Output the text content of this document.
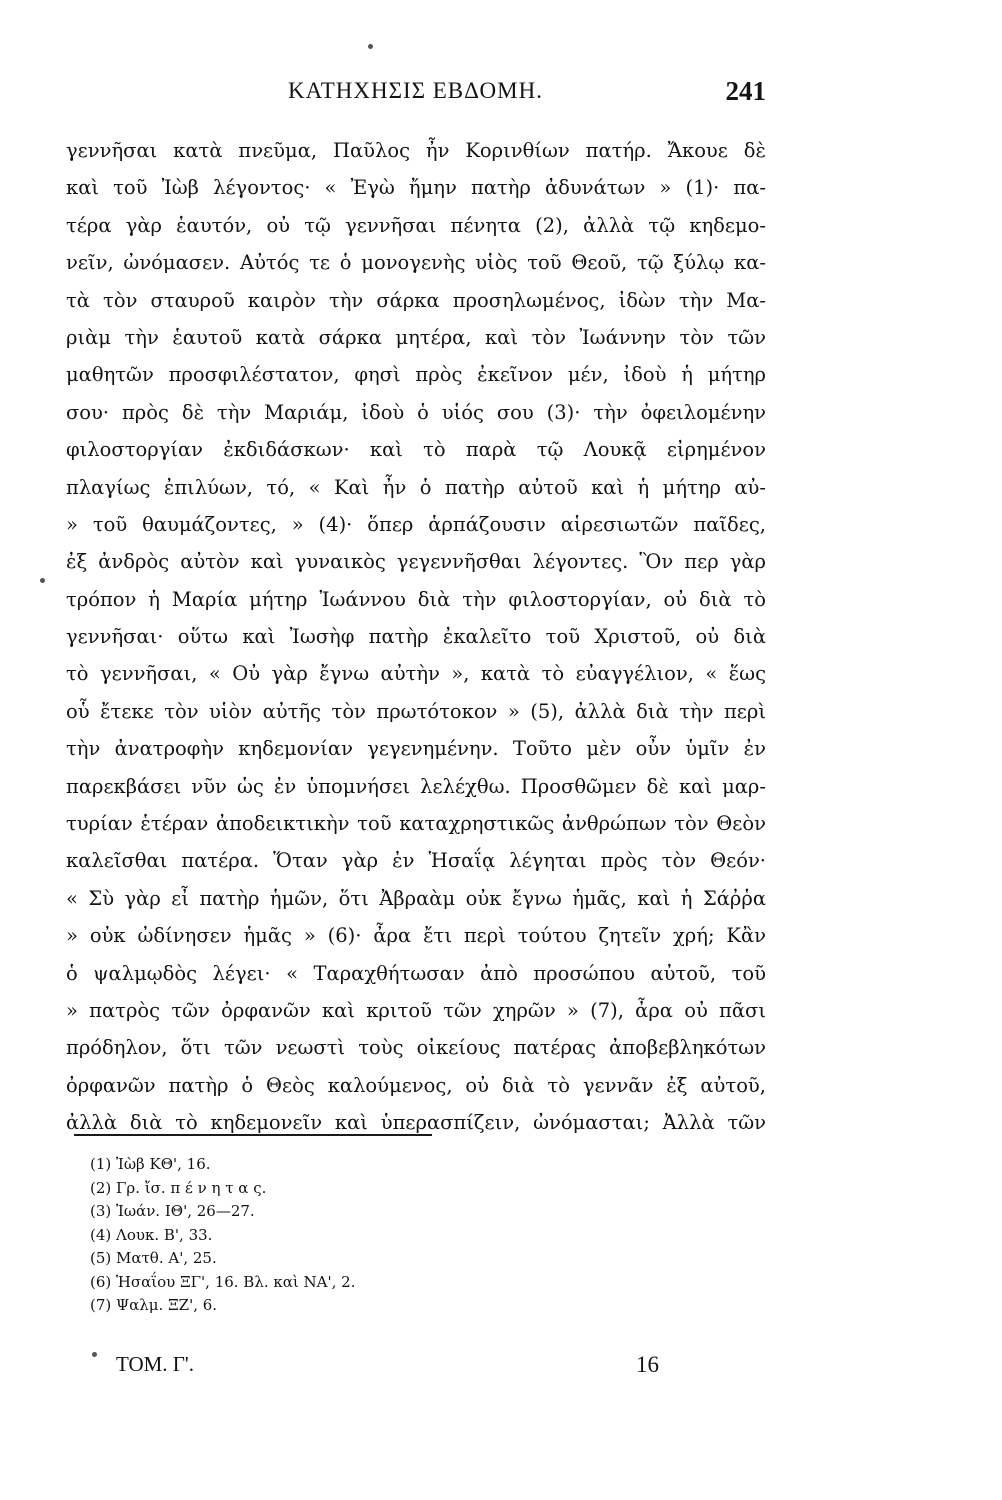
ΚΑΤΗΧΗΣΙΣ ΕΒΔΟΜΗ.	241
γεννῆσαι κατὰ πνεῦμα, Παῦλος ἦν Κορινθίων πατήρ. Ἄκουε δὲ
καὶ τοῦ Ἰὼβ λέγοντος· « Ἐγὼ ἤμην πατὴρ ἀδυνάτων » (1)· πα-
τέρα γὰρ ἑαυτόν, οὐ τῷ γεννῆσαι πένητα (2), ἀλλὰ τῷ κηδεμο-
νεῖν, ὠνόμασεν. Αὐτός τε ὁ μονογενὴς υἱὸς τοῦ Θεοῦ, τῷ ξύλῳ κα-
τὰ τὸν σταυροῦ καιρὸν τὴν σάρκα προσηλωμένος, ἰδὼν τὴν Μα-
ριὰμ τὴν ἑαυτοῦ κατὰ σάρκα μητέρα, καὶ τὸν Ἰωάννην τὸν τῶν
μαθητῶν προσφιλέστατον, φησὶ πρὸς ἐκεῖνον μέν, ἰδοὺ ἡ μήτηρ
σου· πρὸς δὲ τὴν Μαριάμ, ἰδοὺ ὁ υἱός σου (3)· τὴν ὀφειλομένην
φιλοστοργίαν ἐκδιδάσκων· καὶ τὸ παρὰ τῷ Λουκᾷ εἰρημένον
πλαγίως ἐπιλύων, τό, « Καὶ ἦν ὁ πατὴρ αὐτοῦ καὶ ἡ μήτηρ αὐ-
» τοῦ θαυμάζοντες, » (4)· ὅπερ ἁρπάζουσιν αἱρεσιωτῶν παῖδες,
ἐξ ἀνδρὸς αὐτὸν καὶ γυναικὸς γεγεννῆσθαι λέγοντες. Ὃν περ γὰρ
τρόπον ἡ Μαρία μήτηρ Ἰωάννου διὰ τὴν φιλοστοργίαν, οὐ διὰ τὸ
γεννῆσαι· οὕτω καὶ Ἰωσὴφ πατὴρ ἐκαλεῖτο τοῦ Χριστοῦ, οὐ διὰ
τὸ γεννῆσαι, « Οὐ γὰρ ἔγνω αὐτὴν », κατὰ τὸ εὐαγγέλιον, « ἕως
οὗ ἔτεκε τὸν υἱὸν αὐτῆς τὸν πρωτότοκον » (5), ἀλλὰ διὰ τὴν περὶ
τὴν ἀνατροφὴν κηδεμονίαν γεγενημένην. Τοῦτο μὲν οὖν ὑμῖν ἐν
παρεκβάσει νῦν ὡς ἐν ὑπομνήσει λελέχθω. Προσθῶμεν δὲ καὶ μαρ-
τυρίαν ἑτέραν ἀποδεικτικὴν τοῦ καταχρηστικῶς ἀνθρώπων τὸν Θεὸν
καλεῖσθαι πατέρα. Ὅταν γὰρ ἐν Ἡσαΐᾳ λέγηται πρὸς τὸν Θεόν·
« Σὺ γὰρ εἶ πατὴρ ἡμῶν, ὅτι Ἀβραὰμ οὐκ ἔγνω ἡμᾶς, καὶ ἡ Σάῤῥα
» οὐκ ὠδίνησεν ἡμᾶς » (6)· ἆρα ἔτι περὶ τούτου ζητεῖν χρή; Κἂν
ὁ ψαλμῳδὸς λέγει· « Ταραχθήτωσαν ἀπὸ προσώπου αὐτοῦ, τοῦ
» πατρὸς τῶν ὀρφανῶν καὶ κριτοῦ τῶν χηρῶν » (7), ἆρα οὐ πᾶσι
πρόδηλον, ὅτι τῶν νεωστὶ τοὺς οἰκείους πατέρας ἀποβεβληκότων
ὀρφανῶν πατὴρ ὁ Θεὸς καλούμενος, οὐ διὰ τὸ γεννᾶν ἐξ αὐτοῦ,
ἀλλὰ διὰ τὸ κηδεμονεῖν καὶ ὑπερασπίζειν, ὠνόμασται; Ἀλλὰ τῶν
(1) Ἰὼβ ΚΘ', 16.
(2) Γρ. ἴσ. π έ ν η τ α ς.
(3) Ἰωάν. ΙΘ', 26—27.
(4) Λουκ. Β', 33.
(5) Ματθ. Α', 25.
(6) Ἡσαΐου ΞΓ', 16. Βλ. καὶ ΝΑ', 2.
(7) Ψαλμ. ΞΖ', 6.
ΤΟΜ. Γ'.	16
